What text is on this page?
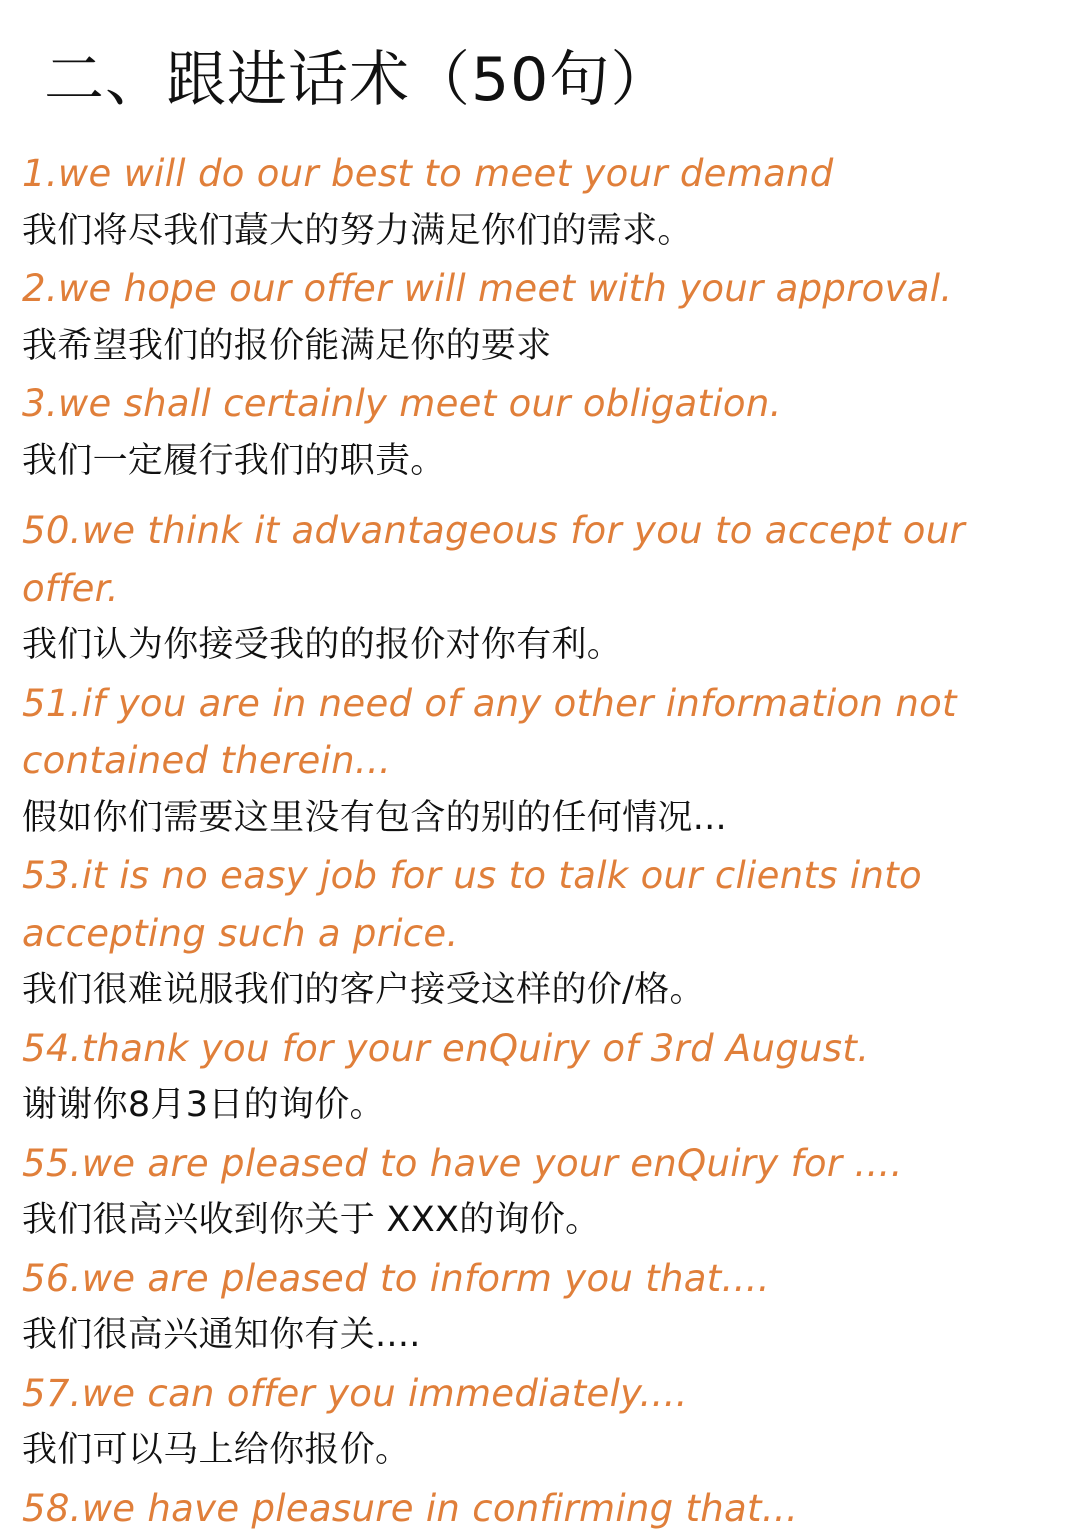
二、跟进话术（50句）
1.we will do our best to meet your demand
我们将尽我们蕞大的努力满足你们的需求。
2.we hope our offer will meet with your approval.
我希望我们的报价能满足你的要求
3.we shall certainly meet our obligation.
我们一定履行我们的职责。
50.we think it advantageous for you to accept our offer.
我们认为你接受我的的报价对你有利。
51.if you are in need of any other information not contained therein...
假如你们需要这里没有包含的别的任何情况...
53.it is no easy job for us to talk our clients into accepting such a price.
我们很难说服我们的客户接受这样的价/格。
54.thank you for your enQuiry of 3rd August.
谢谢你8月3日的询价。
55.we are pleased to have your enQuiry for ....
我们很高兴收到你关于 XXX的询价。
56.we are pleased to inform you that....
我们很高兴通知你有关....
57.we can offer you immediately....
我们可以马上给你报价。
58.we have pleasure in confirming that...
